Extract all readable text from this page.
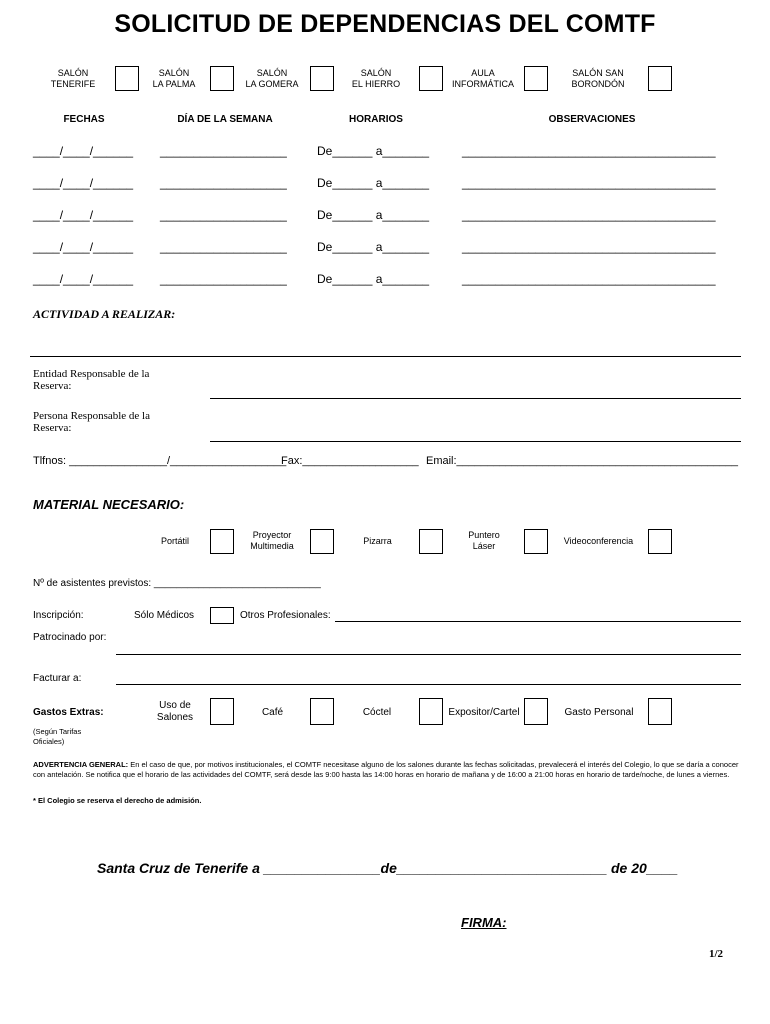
SOLICITUD DE DEPENDENCIAS DEL COMTF
SALÓN
TENERIFE
SALÓN
LA PALMA
SALÓN
LA GOMERA
SALÓN
EL HIERRO
AULA
INFORMÁTICA
SALÓN SAN
BORONDÓN
FECHAS	DÍA DE LA SEMANA	HORARIOS	OBSERVACIONES
____/____/______ ___________________	De______ a_______	______________________________________
____/____/______ ___________________	De______ a_______	______________________________________
____/____/______ ___________________	De______ a_______	______________________________________
____/____/______ ___________________	De______ a_______	______________________________________
____/____/______ ___________________	De______ a_______	______________________________________
ACTIVIDAD A REALIZAR:
Entidad Responsable de la
Reserva:
Persona Responsable de la
Reserva:
Tlfnos: ________________/___________________
Fax:___________________ Email:______________________________________________
MATERIAL NECESARIO:
Portátil
Proyector
Multimedia	Pizarra
Puntero
Láser	Videoconferencia
Nº de asistentes previstos: ______________________________
Inscripción:	Sólo Médicos	Otros Profesionales:
Patrocinado por:
Facturar a:
Gastos Extras:
(Según Tarifas
Oficiales)
Uso de
Salones	Café	Cóctel	Expositor/Cartel	Gasto Personal
ADVERTENCIA GENERAL: En el caso de que, por motivos institucionales, el COMTF necesitase alguno de los salones durante las fechas solicitadas, prevalecerá el interés del Colegio, lo que se daría a conocer con antelación. Se notifica que el horario de las actividades del COMTF, será desde las 9:00 hasta las 14:00 horas en horario de mañana y de 16:00 a 21:00 horas en horario de tarde/noche, de lunes a viernes.
* El Colegio se reserva el derecho de admisión.
Santa Cruz de Tenerife a _______________de___________________________ de 20____
FIRMA:
1/2
